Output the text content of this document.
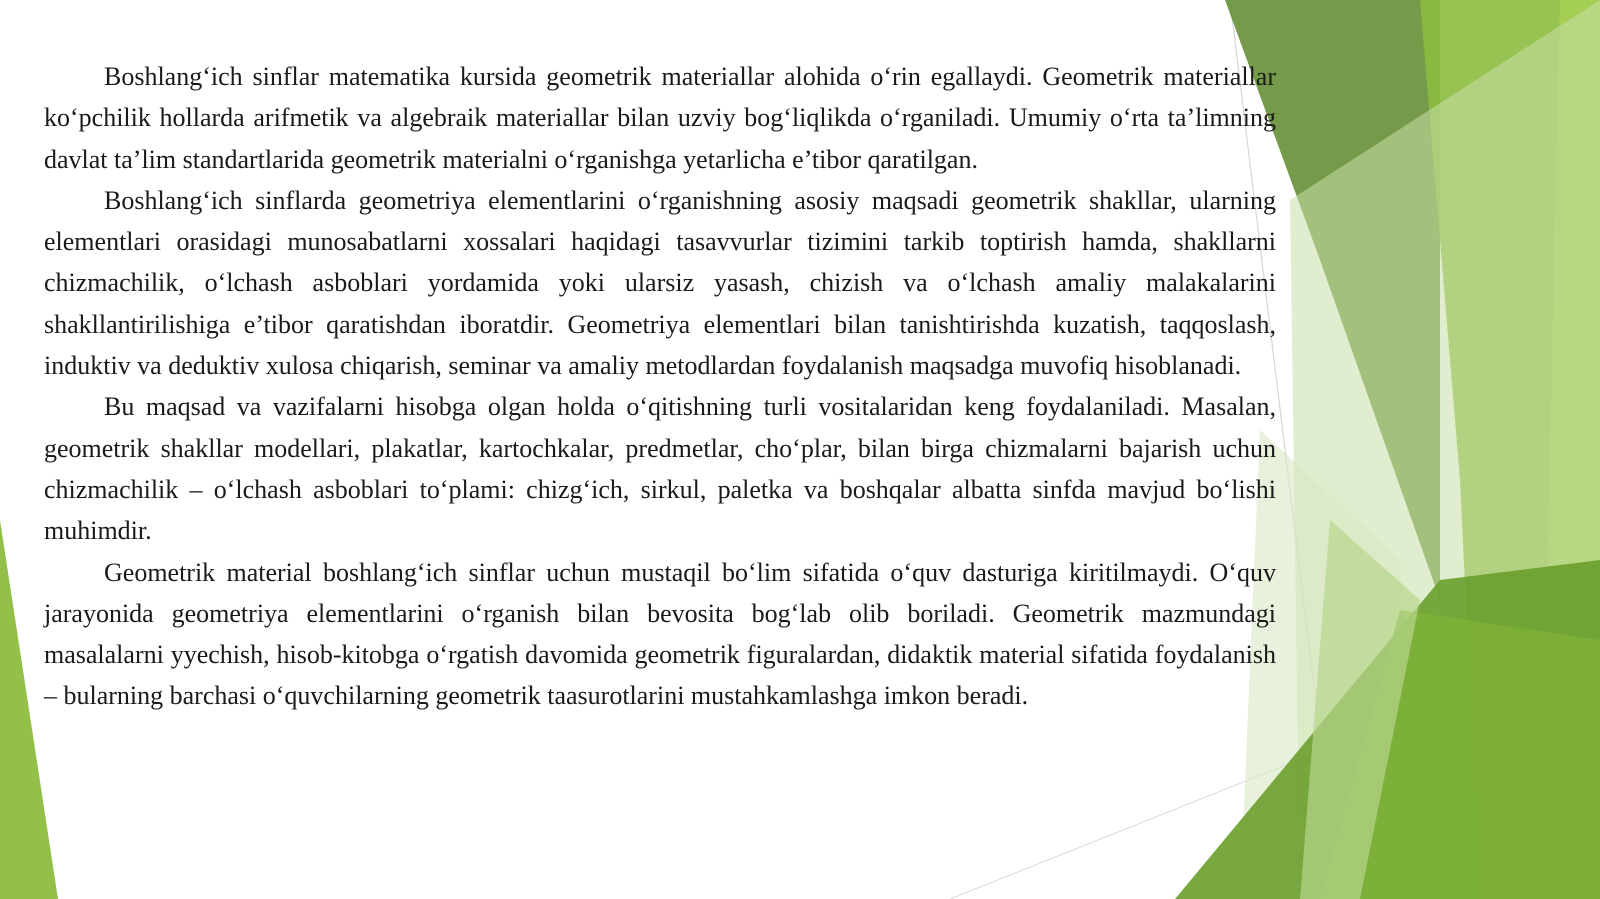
Boshlang‘ich sinflar matematika kursida geometrik materiallar alohida o‘rin egallaydi. Geometrik materiallar ko‘pchilik hollarda arifmetik va algebraik materiallar bilan uzviy bog‘liqlikda o‘rganiladi. Umumiy o‘rta ta’limning davlat ta’lim standartlarida geometrik materialni o‘rganishga yetarlicha e’tibor qaratilgan.

Boshlang‘ich sinflarda geometriya elementlarini o‘rganishning asosiy maqsadi geometrik shakllar, ularning elementlari orasidagi munosabatlarni xossalari haqidagi tasavvurlar tizimini tarkib toptirish hamda, shakllarni chizmachilik, o‘lchash asboblari yordamida yoki ularsiz yasash, chizish va o‘lchash amaliy malakalarini shakllantirilishiga e’tibor qaratishdan iboratdir. Geometriya elementlari bilan tanishtirishda kuzatish, taqqoslash, induktiv va deduktiv xulosa chiqarish, seminar va amaliy metodlardan foydalanish maqsadga muvofiq hisoblanadi.

Bu maqsad va vazifalarni hisobga olgan holda o‘qitishning turli vositalaridan keng foydalaniladi. Masalan, geometrik shakllar modellari, plakatlar, kartochkalar, predmetlar, cho‘plar, bilan birga chizmalarni bajarish uchun chizmachilik – o‘lchash asboblari to‘plami: chizg‘ich, sirkul, paletka va boshqalar albatta sinfda mavjud bo‘lishi muhimdir.

Geometrik material boshlang‘ich sinflar uchun mustaqil bo‘lim sifatida o‘quv dasturiga kiritilmaydi. O‘quv jarayonida geometriya elementlarini o‘rganish bilan bevosita bog‘lab olib boriladi. Geometrik mazmundagi masalalarni yyechish, hisob-kitobga o‘rgatish davomida geometrik figuralardan, didaktik material sifatida foydalanish – bularning barchasi o‘quvchilarning geometrik taasurotlarini mustahkamlashga imkon beradi.
